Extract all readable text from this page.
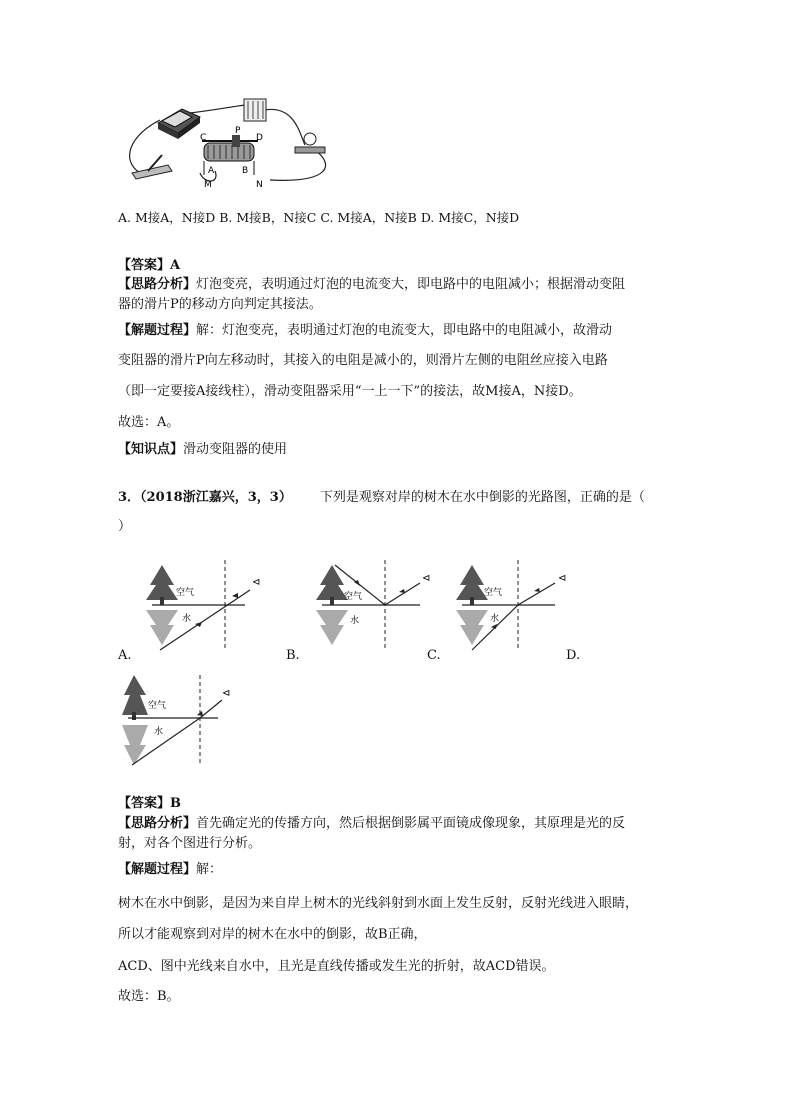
C
P
D
A	B
M	N
A. M接A，N接D B. M接B，N接C C. M接A，N接B D. M接C，N接D
【答案】A
【思路分析】灯泡变亮，表明通过灯泡的电流变大，即电路中的电阻减小；根据滑动变阻
器的滑片P的移动方向判定其接法。
【解题过程】解：灯泡变亮，表明通过灯泡的电流变大，即电路中的电阻减小，故滑动
变阻器的滑片P向左移动时，其接入的电阻是减小的，则滑片左侧的电阻丝应接入电路
（即一定要接A接线柱），滑动变阻器采用“一上一下”的接法，故M接A，N接D。
故选：A。
【知识点】滑动变阻器的使用
3．（2018浙江嘉兴，3，3） 下列是观察对岸的树木在水中倒影的光路图，正确的是（
）
空气
水
⊲
空气
水
⊲
空气
水
⊲
A.	B.	C.	D.
空气
水
⊲
【答案】B
【思路分析】首先确定光的传播方向，然后根据倒影属平面镜成像现象，其原理是光的反
射，对各个图进行分析。
【解题过程】解：
树木在水中倒影，是因为来自岸上树木的光线斜射到水面上发生反射，反射光线进入眼睛，
所以才能观察到对岸的树木在水中的倒影，故B正确，
ACD、图中光线来自水中，且光是直线传播或发生光的折射，故ACD错误。
故选：B。
